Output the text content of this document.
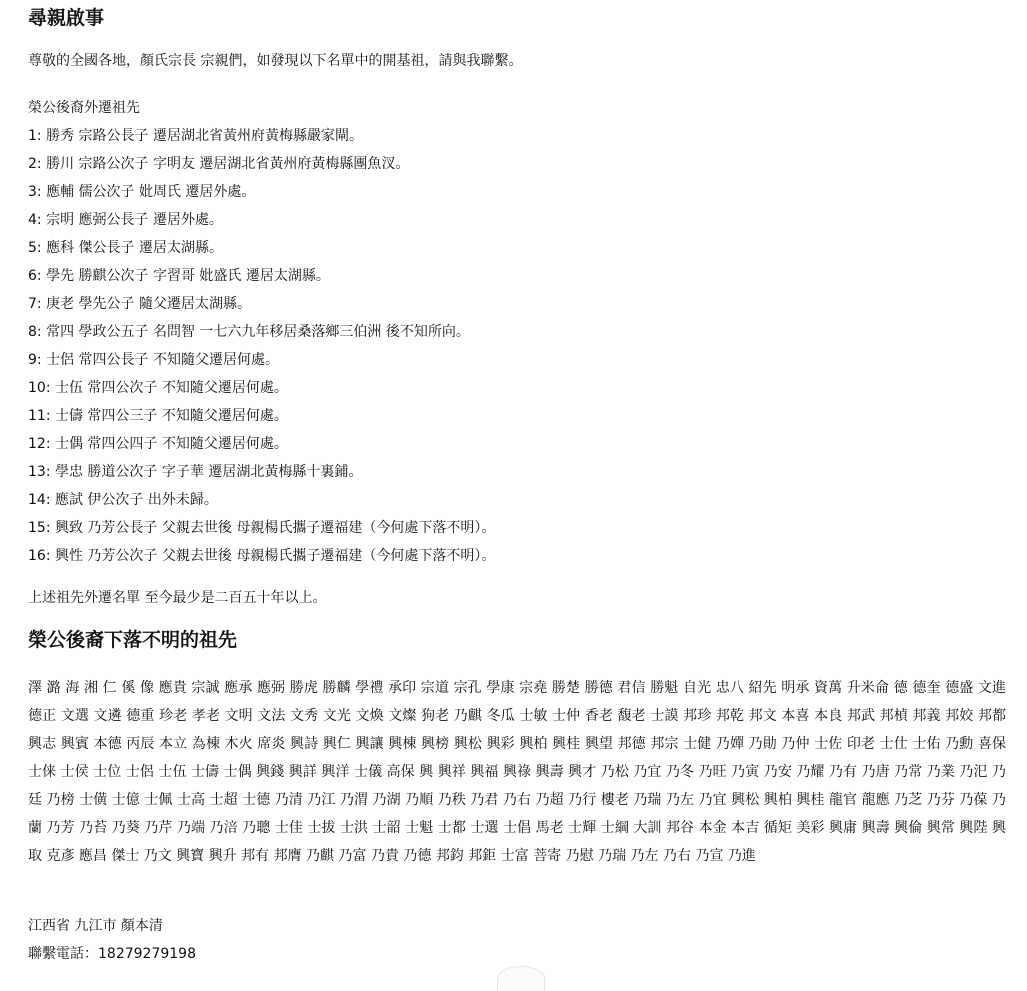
尋親啟事

尊敬的全國各地，顏氏宗長 宗親們，如發現以下名單中的開基祖，請與我聯繫。

榮公後裔外遷祖先
1: 勝秀 宗路公長子 遷居湖北省黃州府黃梅縣嚴家閘。
2: 勝川 宗路公次子 字明友 遷居湖北省黃州府黃梅縣團魚汊。
3: 應輔 儒公次子 妣周氏 遷居外處。
4: 宗明 應弼公長子 遷居外處。
5: 應科 傑公長子 遷居太湖縣。
6: 學先 勝麒公次子 字習哥 妣盛氏 遷居太湖縣。
7: 庚老 學先公子 隨父遷居太湖縣。
8: 常四 學政公五子 名問智 一七六九年移居桑落鄉三伯洲 後不知所向。
9: 士侶 常四公長子 不知隨父遷居何處。
10: 士伍 常四公次子 不知隨父遷居何處。
11: 士儔 常四公三子 不知隨父遷居何處。
12: 士偶 常四公四子 不知隨父遷居何處。
13: 學忠 勝道公次子 字子華 遷居湖北黃梅縣十裏鋪。
14: 應試 伊公次子 出外未歸。
15: 興致 乃芳公長子 父親去世後 母親楊氏攜子遷福建（今何處下落不明）。
16: 興性 乃芳公次子 父親去世後 母親楊氏攜子遷福建（今何處下落不明）。

上述祖先外遷名單 至今最少是二百五十年以上。

榮公後裔下落不明的祖先

澤 潞 海 湘 仁 傒 像 應貴 宗誠 應承 應弼 勝虎 勝麟 學禮 承印 宗道 宗孔 學康 宗堯 勝楚 勝德 君信 勝魁 自光 忠八 紹先 明承 資萬 升米侖 德 德奎 德盛 文進 德正 文選 文遴 德重 珍老 孝老 文明 文法 文秀 文光 文煥 文燦 狗老 乃麒 冬瓜 士敏 士仲 香老 馥老 士謨 邦珍 邦乾 邦文 本喜 本良 邦武 邦楨 邦義 邦姣 邦都 興志 興賓 本德 丙辰 本立 為棟 木火 席炎 興詩 興仁 興讓 興棟 興榜 興松 興彩 興柏 興桂 興望 邦德 邦宗 士健 乃嬋 乃勛 乃仲 士佐 印老 士仕 士佑 乃勳 喜保 士俫 士侯 士位 士侶 士伍 士儔 士偶 興錢 興詳 興洋 士儀 高保 興 興祥 興福 興祿 興壽 興才 乃松 乃宜 乃冬 乃旺 乃寅 乃安 乃耀 乃有 乃唐 乃常 乃業 乃汜 乃廷 乃榜 士僙 士億 士佩 士高 士超 士德 乃清 乃江 乃渭 乃湖 乃順 乃秩 乃君 乃右 乃超 乃行 樓老 乃瑞 乃左 乃宜 興松 興柏 興桂 龍官 龍應 乃芝 乃芬 乃葆 乃蘭 乃芳 乃苔 乃葵 乃芹 乃端 乃涪 乃聰 士佳 士拔 士洪 士韶 士魁 士都 士選 士倡 馬老 士輝 士綱 大訓 邦谷 本金 本吉 循矩 美彩 興庸 興壽 興倫 興常 興陛 興取 克彥 應昌 傑士 乃文 興寶 興升 邦有 邦膺 乃麒 乃富 乃貴 乃德 邦鈞 邦鉅 士富 菩寄 乃慰 乃瑞 乃左 乃右 乃宣 乃進

江西省 九江市 顏本清
聯繫電話：18279279198
